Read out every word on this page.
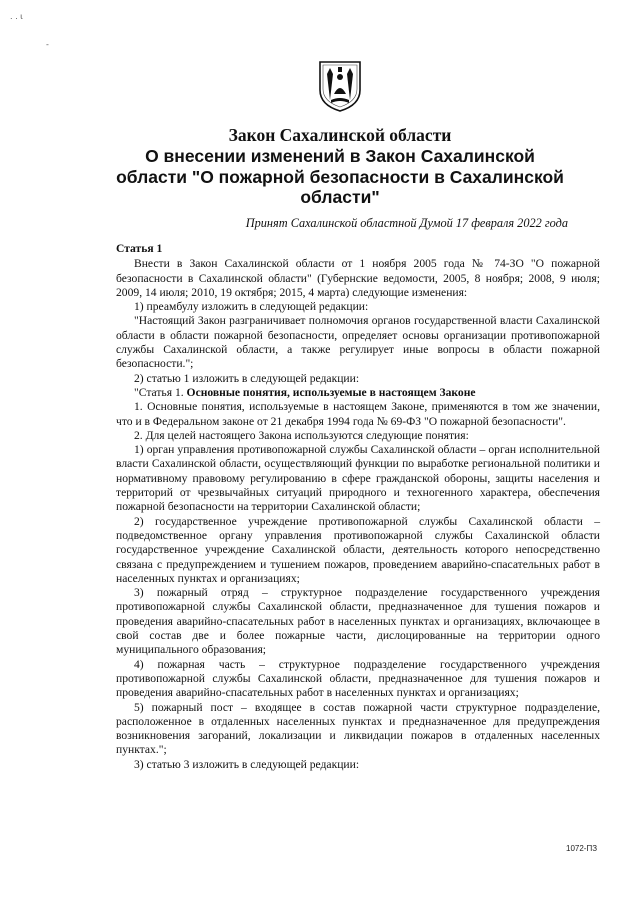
. . ι
-
Закон Сахалинской области
О внесении изменений в Закон Сахалинской
области "О пожарной безопасности в Сахалинской
области"
Принят Сахалинской областной Думой 17 февраля 2022 года

Статья 1

Внести в Закон Сахалинской области от 1 ноября 2005 года № 74-ЗО "О пожарной безопасности в Сахалинской области" (Губернские ведомости, 2005, 8 ноября; 2008, 9 июля; 2009, 14 июля; 2010, 19 октября; 2015, 4 марта) следующие изменения:

1) преамбулу изложить в следующей редакции:

"Настоящий Закон разграничивает полномочия органов государственной власти Сахалинской области в области пожарной безопасности, определяет основы организации противопожарной службы Сахалинской области, а также регулирует иные вопросы в области пожарной безопасности.";

2) статью 1 изложить в следующей редакции:

"Статья 1. Основные понятия, используемые в настоящем Законе

1. Основные понятия, используемые в настоящем Законе, применяются в том же значении, что и в Федеральном законе от 21 декабря 1994 года № 69-ФЗ "О пожарной безопасности".

2. Для целей настоящего Закона используются следующие понятия:

1) орган управления противопожарной службы Сахалинской области – орган исполнительной власти Сахалинской области, осуществляющий функции по выработке региональной политики и нормативному правовому регулированию в сфере гражданской обороны, защиты населения и территорий от чрезвычайных ситуаций природного и техногенного характера, обеспечения пожарной безопасности на территории Сахалинской области;

2) государственное учреждение противопожарной службы Сахалинской области – подведомственное органу управления противопожарной службы Сахалинской области государственное учреждение Сахалинской области, деятельность которого непосредственно связана с предупреждением и тушением пожаров, проведением аварийно-спасательных работ в населенных пунктах и организациях;

3) пожарный отряд – структурное подразделение государственного учреждения противопожарной службы Сахалинской области, предназначенное для тушения пожаров и проведения аварийно-спасательных работ в населенных пунктах и организациях, включающее в свой состав две и более пожарные части, дислоцированные на территории одного муниципального образования;

4) пожарная часть – структурное подразделение государственного учреждения противопожарной службы Сахалинской области, предназначенное для тушения пожаров и проведения аварийно-спасательных работ в населенных пунктах и организациях;

5) пожарный пост – входящее в состав пожарной части структурное подразделение, расположенное в отдаленных населенных пунктах и предназначенное для предупреждения возникновения загораний, локализации и ликвидации пожаров в отдаленных населенных пунктах.";

3) статью 3 изложить в следующей редакции:

1072-ПЗ
